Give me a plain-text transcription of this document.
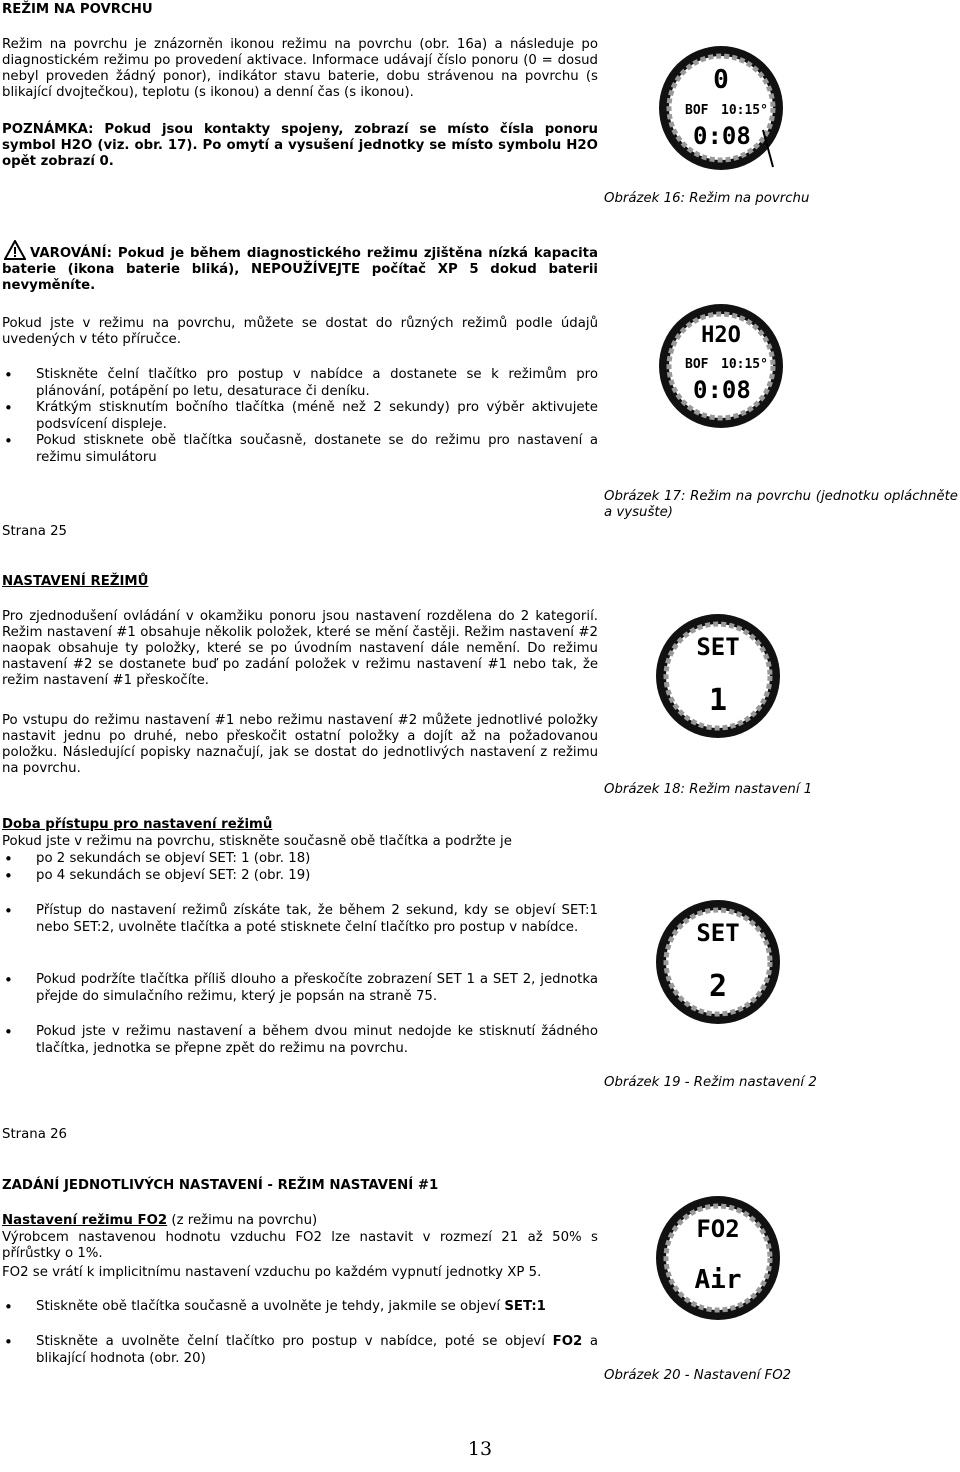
REŽIM NA POVRCHU
Režim na povrchu je znázorněn ikonou režimu na povrchu (obr. 16a) a následuje po diagnostickém režimu po provedení aktivace. Informace udávají číslo ponoru (0 = dosud nebyl proveden žádný ponor), indikátor stavu baterie, dobu strávenou na povrchu (s blikající dvojtečkou), teplotu (s ikonou) a denní čas (s ikonou).
POZNÁMKA: Pokud jsou kontakty spojeny, zobrazí se místo čísla ponoru symbol H2O (viz. obr. 17). Po omytí a vysušení jednotky se místo symbolu H2O opět zobrazí 0.
0
BOF 10:15°
0:08
Obrázek 16: Režim na povrchu
VAROVÁNÍ: Pokud je během diagnostického režimu zjištěna nízká kapacita baterie (ikona baterie bliká), NEPOUŽÍVEJTE počítač XP 5 dokud baterii nevyměníte.
Pokud jste v režimu na povrchu, můžete se dostat do různých režimů podle údajů uvedených v této příručce.
• Stiskněte čelní tlačítko pro postup v nabídce a dostanete se k režimům pro plánování, potápění po letu, desaturace či deníku.
• Krátkým stisknutím bočního tlačítka (méně než 2 sekundy) pro výběr aktivujete podsvícení displeje.
• Pokud stisknete obě tlačítka současně, dostanete se do režimu pro nastavení a režimu simulátoru
H2O
BOF 10:15°
0:08
Obrázek 17: Režim na povrchu (jednotku opláchněte a vysušte)
Strana 25
NASTAVENÍ REŽIMŮ
Pro zjednodušení ovládání v okamžiku ponoru jsou nastavení rozdělena do 2 kategorií. Režim nastavení #1 obsahuje několik položek, které se mění častěji. Režim nastavení #2 naopak obsahuje ty položky, které se po úvodním nastavení dále nemění. Do režimu nastavení #2 se dostanete buď po zadání položek v režimu nastavení #1 nebo tak, že režim nastavení #1 přeskočíte.
Po vstupu do režimu nastavení #1 nebo režimu nastavení #2 můžete jednotlivé položky nastavit jednu po druhé, nebo přeskočit ostatní položky a dojít až na požadovanou položku. Následující popisky naznačují, jak se dostat do jednotlivých nastavení z režimu na povrchu.
SET
1
Obrázek 18: Režim nastavení 1
Doba přístupu pro nastavení režimů
Pokud jste v režimu na povrchu, stiskněte současně obě tlačítka a podržte je
• po 2 sekundách se objeví SET: 1 (obr. 18)
• po 4 sekundách se objeví SET: 2 (obr. 19)
• Přístup do nastavení režimů získáte tak, že během 2 sekund, kdy se objeví SET:1 nebo SET:2, uvolněte tlačítka a poté stisknete čelní tlačítko pro postup v nabídce.
• Pokud podržíte tlačítka příliš dlouho a přeskočíte zobrazení SET 1 a SET 2, jednotka přejde do simulačního režimu, který je popsán na straně 75.
• Pokud jste v režimu nastavení a během dvou minut nedojde ke stisknutí žádného tlačítka, jednotka se přepne zpět do režimu na povrchu.
SET
2
Obrázek 19 - Režim nastavení 2
Strana 26
ZADÁNÍ JEDNOTLIVÝCH NASTAVENÍ - REŽIM NASTAVENÍ #1
Nastavení režimu FO2 (z režimu na povrchu)
Výrobcem nastavenou hodnotu vzduchu FO2 lze nastavit v rozmezí 21 až 50% s přírůstky o 1%.
FO2 se vrátí k implicitnímu nastavení vzduchu po každém vypnutí jednotky XP 5.
• Stiskněte obě tlačítka současně a uvolněte je tehdy, jakmile se objeví SET:1
• Stiskněte a uvolněte čelní tlačítko pro postup v nabídce, poté se objeví FO2 a blikající hodnota (obr. 20)
FO2
Air
Obrázek 20 - Nastavení FO2
13
